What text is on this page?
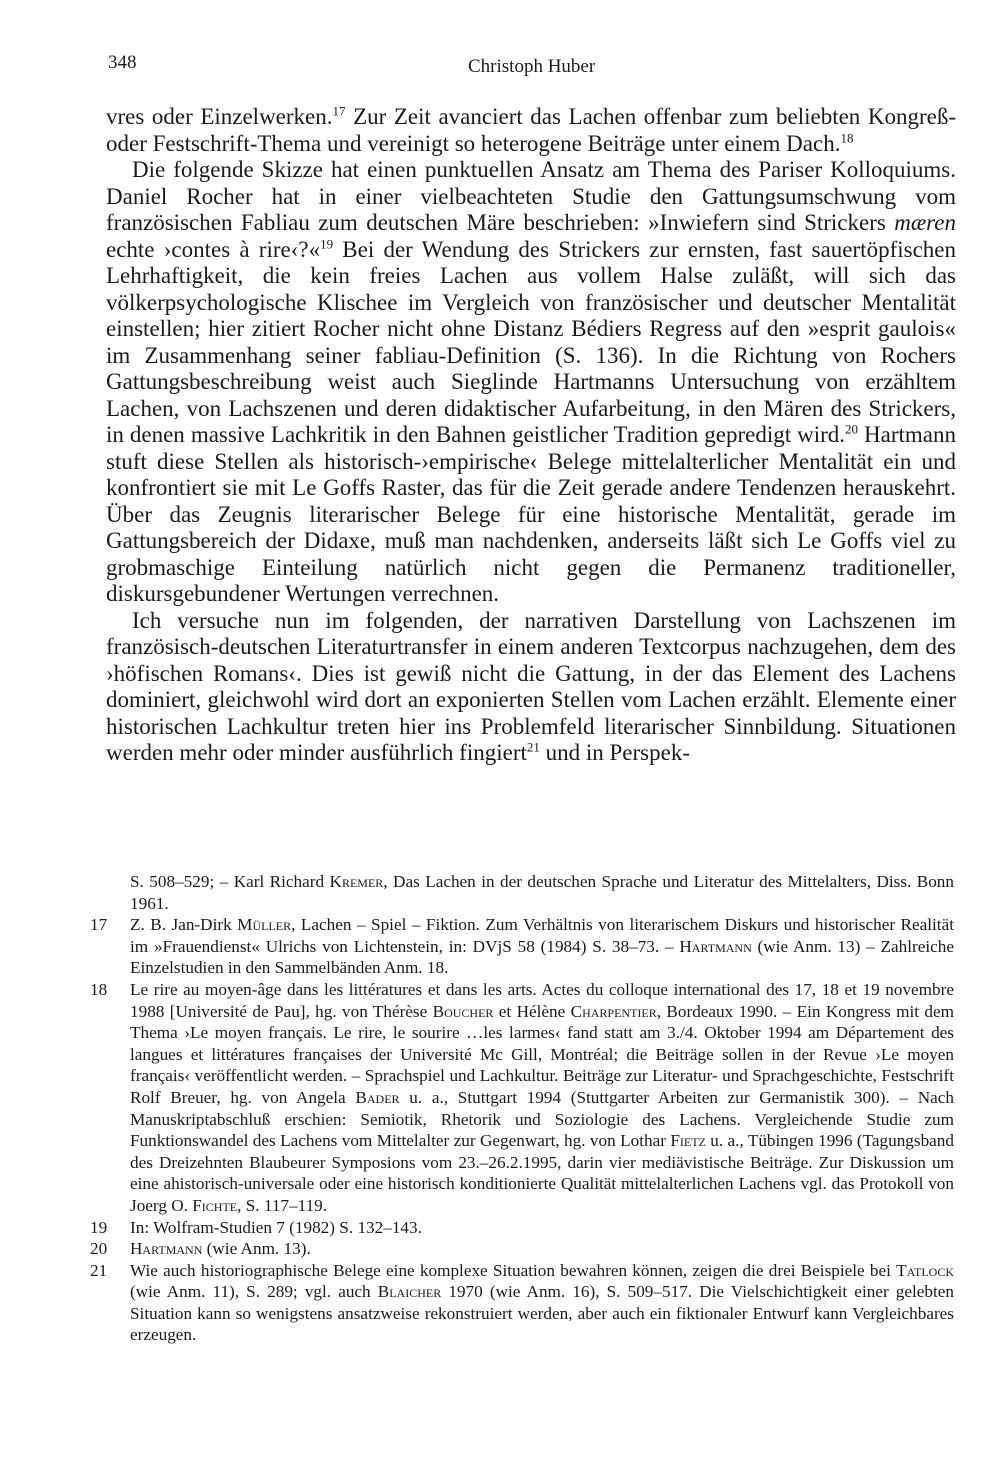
348	Christoph Huber

vres oder Einzelwerken.$^{17}$ Zur Zeit avanciert das Lachen offenbar zum beliebten Kongreß- oder Festschrift-Thema und vereinigt so heterogene Beiträge unter einem Dach.$^{18}$

Die folgende Skizze hat einen punktuellen Ansatz am Thema des Pariser Kolloquiums. Daniel Rocher hat in einer vielbeachteten Studie den Gattungsumschwung vom französischen Fabliau zum deutschen Märe beschrieben: »Inwiefern sind Strickers mæren echte ›contes à rire‹?«$^{19}$ Bei der Wendung des Strickers zur ernsten, fast sauertöpfischen Lehrhaftigkeit, die kein freies Lachen aus vollem Halse zuläßt, will sich das völkerpsychologische Klischee im Vergleich von französischer und deutscher Mentalität einstellen; hier zitiert Rocher nicht ohne Distanz Bédiers Regress auf den »esprit gaulois« im Zusammenhang seiner fabliau-Definition (S. 136). In die Richtung von Rochers Gattungsbeschreibung weist auch Sieglinde Hartmanns Untersuchung von erzähltem Lachen, von Lachszenen und deren didaktischer Aufarbeitung, in den Mären des Strickers, in denen massive Lachkritik in den Bahnen geistlicher Tradition gepredigt wird.$^{20}$ Hartmann stuft diese Stellen als historisch-›empirische‹ Belege mittelalterlicher Mentalität ein und konfrontiert sie mit Le Goffs Raster, das für die Zeit gerade andere Tendenzen herauskehrt. Über das Zeugnis literarischer Belege für eine historische Mentalität, gerade im Gattungsbereich der Didaxe, muß man nachdenken, anderseits läßt sich Le Goffs viel zu grobmaschige Einteilung natürlich nicht gegen die Permanenz traditioneller, diskursgebundener Wertungen verrechnen.

Ich versuche nun im folgenden, der narrativen Darstellung von Lachszenen im französisch-deutschen Literaturtransfer in einem anderen Textcorpus nachzugehen, dem des ›höfischen Romans‹. Dies ist gewiß nicht die Gattung, in der das Element des Lachens dominiert, gleichwohl wird dort an exponierten Stellen vom Lachen erzählt. Elemente einer historischen Lachkultur treten hier ins Problemfeld literarischer Sinnbildung. Situationen werden mehr oder minder ausführlich fingiert$^{21}$ und in Perspek-

S. 508–529; – Karl Richard Kremer, Das Lachen in der deutschen Sprache und Literatur des Mittelalters, Diss. Bonn 1961.

17 Z. B. Jan-Dirk Müller, Lachen – Spiel – Fiktion. Zum Verhältnis von literarischem Diskurs und historischer Realität im »Frauendienst« Ulrichs von Lichtenstein, in: DVjS 58 (1984) S. 38–73. – Hartmann (wie Anm. 13) – Zahlreiche Einzelstudien in den Sammelbänden Anm. 18.

18 Le rire au moyen-âge dans les littératures et dans les arts. Actes du colloque international des 17, 18 et 19 novembre 1988 [Université de Pau], hg. von Thérèse Boucher et Hélène Charpentier, Bordeaux 1990. – Ein Kongress mit dem Thema ›Le moyen français. Le rire, le sourire …les larmes‹ fand statt am 3./4. Oktober 1994 am Département des langues et littératures françaises der Université Mc Gill, Montréal; die Beiträge sollen in der Revue ›Le moyen français‹ veröffentlicht werden. – Sprachspiel und Lachkultur. Beiträge zur Literatur- und Sprachgeschichte, Festschrift Rolf Breuer, hg. von Angela Bader u. a., Stuttgart 1994 (Stuttgarter Arbeiten zur Germanistik 300). – Nach Manuskriptabschluß erschien: Semiotik, Rhetorik und Soziologie des Lachens. Vergleichende Studie zum Funktionswandel des Lachens vom Mittelalter zur Gegenwart, hg. von Lothar Fietz u. a., Tübingen 1996 (Tagungsband des Dreizehnten Blaubeurer Symposions vom 23.–26.2.1995, darin vier mediävistische Beiträge. Zur Diskussion um eine ahistorisch-universale oder eine historisch konditionierte Qualität mittelalterlichen Lachens vgl. das Protokoll von Joerg O. Fichte, S. 117–119.

19 In: Wolfram-Studien 7 (1982) S. 132–143.

20 Hartmann (wie Anm. 13).

21 Wie auch historiographische Belege eine komplexe Situation bewahren können, zeigen die drei Beispiele bei Tatlock (wie Anm. 11), S. 289; vgl. auch Blaicher 1970 (wie Anm. 16), S. 509–517. Die Vielschichtigkeit einer gelebten Situation kann so wenigstens ansatzweise rekonstruiert werden, aber auch ein fiktionaler Entwurf kann Vergleichbares erzeugen.
